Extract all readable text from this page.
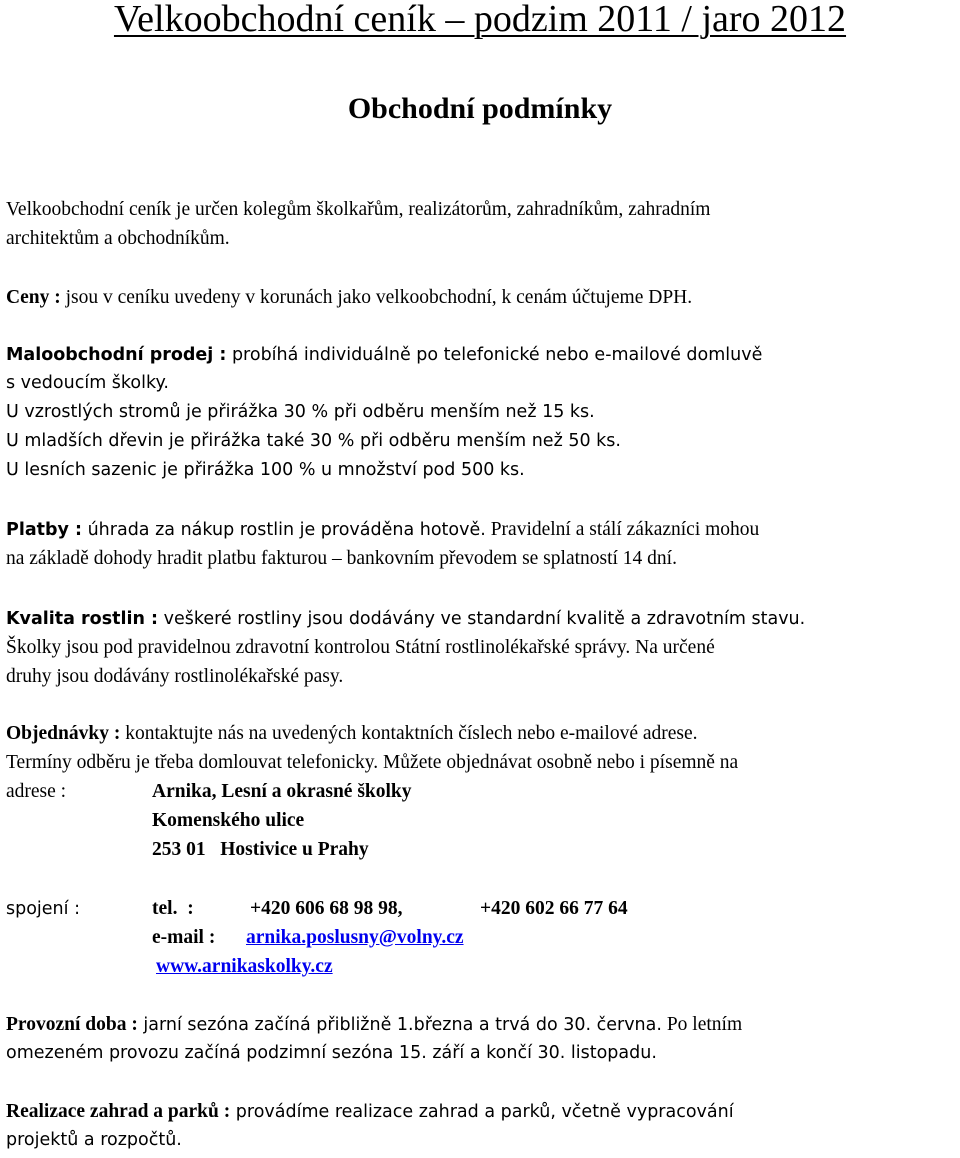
Velkoobchodní ceník – podzim 2011 / jaro 2012
Obchodní podmínky
Velkoobchodní ceník je určen kolegům školkařům, realizátorům, zahradníkům, zahradním
architektům a obchodníkům.
Ceny : jsou v ceníku uvedeny v korunách jako velkoobchodní, k cenám účtujeme DPH.
Maloobchodní prodej : probíhá individuálně po telefonické nebo e-mailové domluvě
s vedoucím školky.
U vzrostlých stromů je přirážka 30 % při odběru menším než 15 ks.
U mladších dřevin je přirážka také 30 % při odběru menším než 50 ks.
U lesních sazenic je přirážka 100 % u množství pod 500 ks.
Platby : úhrada za nákup rostlin je prováděna hotově. Pravidelní a stálí zákazníci mohou
na základě dohody hradit platbu fakturou – bankovním převodem se splatností 14 dní.
Kvalita rostlin : veškeré rostliny jsou dodávány ve standardní kvalitě a zdravotním stavu.
Školky jsou pod pravidelnou zdravotní kontrolou Státní rostlinolékařské správy. Na určené
druhy jsou dodávány rostlinolékařské pasy.
Objednávky : kontaktujte nás na uvedených kontaktních číslech nebo e-mailové adrese.
Termíny odběru je třeba domlouvat telefonicky. Můžete objednávat osobně nebo i písemně na
adrese :	Arnika, Lesní a okrasné školky
Komenského ulice
253 01   Hostivice u Prahy
spojení :	tel.  :	+420 606 68 98 98,	+420 602 66 77 64
e-mail : arnika.poslusny@volny.cz
www.arnikaskolky.cz
Provozní doba : jarní sezóna začíná přibližně 1.března a trvá do 30. června. Po letním
omezeném provozu začíná podzimní sezóna 15. září a končí 30. listopadu.
Realizace zahrad a parků : provádíme realizace zahrad a parků, včetně vypracování
projektů a rozpočtů.
